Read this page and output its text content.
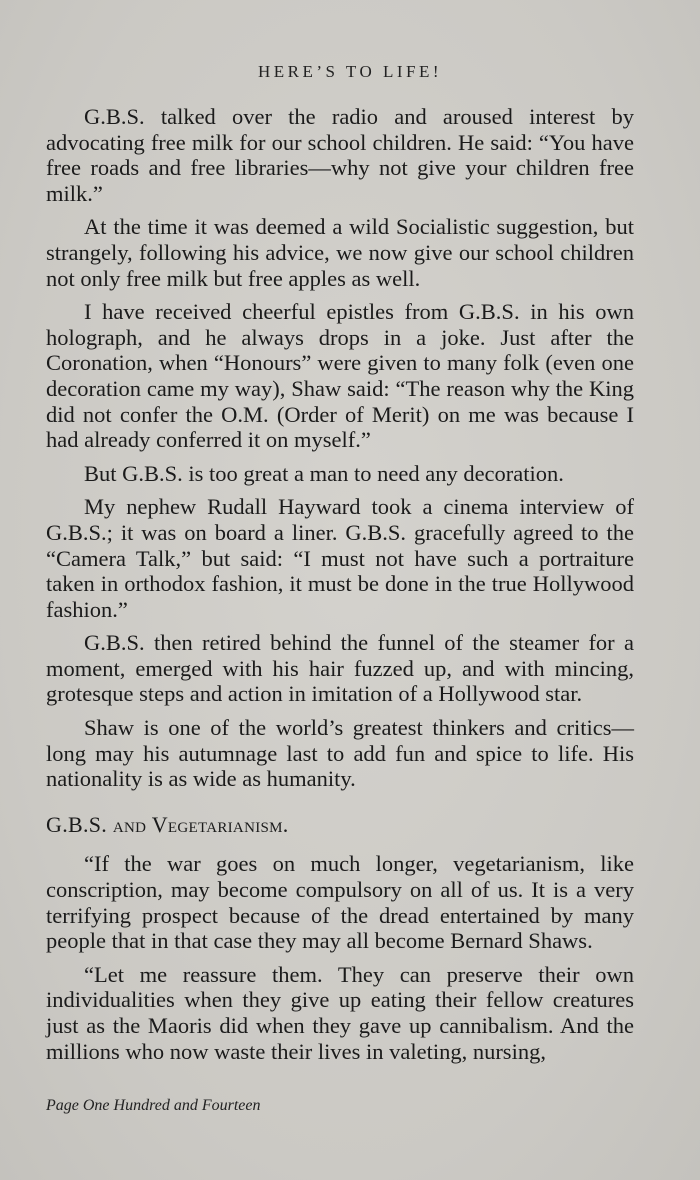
HERE’S TO LIFE!

G.B.S. talked over the radio and aroused interest by advocating free milk for our school children. He said: “You have free roads and free libraries—why not give your children free milk.”

At the time it was deemed a wild Socialistic suggestion, but strangely, following his advice, we now give our school children not only free milk but free apples as well.

I have received cheerful epistles from G.B.S. in his own holograph, and he always drops in a joke. Just after the Coronation, when “Honours” were given to many folk (even one decoration came my way), Shaw said: “The reason why the King did not confer the O.M. (Order of Merit) on me was because I had already conferred it on myself.”

But G.B.S. is too great a man to need any decoration.

My nephew Rudall Hayward took a cinema interview of G.B.S.; it was on board a liner. G.B.S. gracefully agreed to the “Camera Talk,” but said: “I must not have such a portraiture taken in orthodox fashion, it must be done in the true Hollywood fashion.”

G.B.S. then retired behind the funnel of the steamer for a moment, emerged with his hair fuzzed up, and with mincing, grotesque steps and action in imitation of a Hollywood star.

Shaw is one of the world’s greatest thinkers and critics—long may his autumnage last to add fun and spice to life. His nationality is as wide as humanity.

G.B.S. and Vegetarianism.

“If the war goes on much longer, vegetarianism, like conscription, may become compulsory on all of us. It is a very terrifying prospect because of the dread entertained by many people that in that case they may all become Bernard Shaws.

“Let me reassure them. They can preserve their own individualities when they give up eating their fellow creatures just as the Maoris did when they gave up cannibalism. And the millions who now waste their lives in valeting, nursing,

Page One Hundred and Fourteen
